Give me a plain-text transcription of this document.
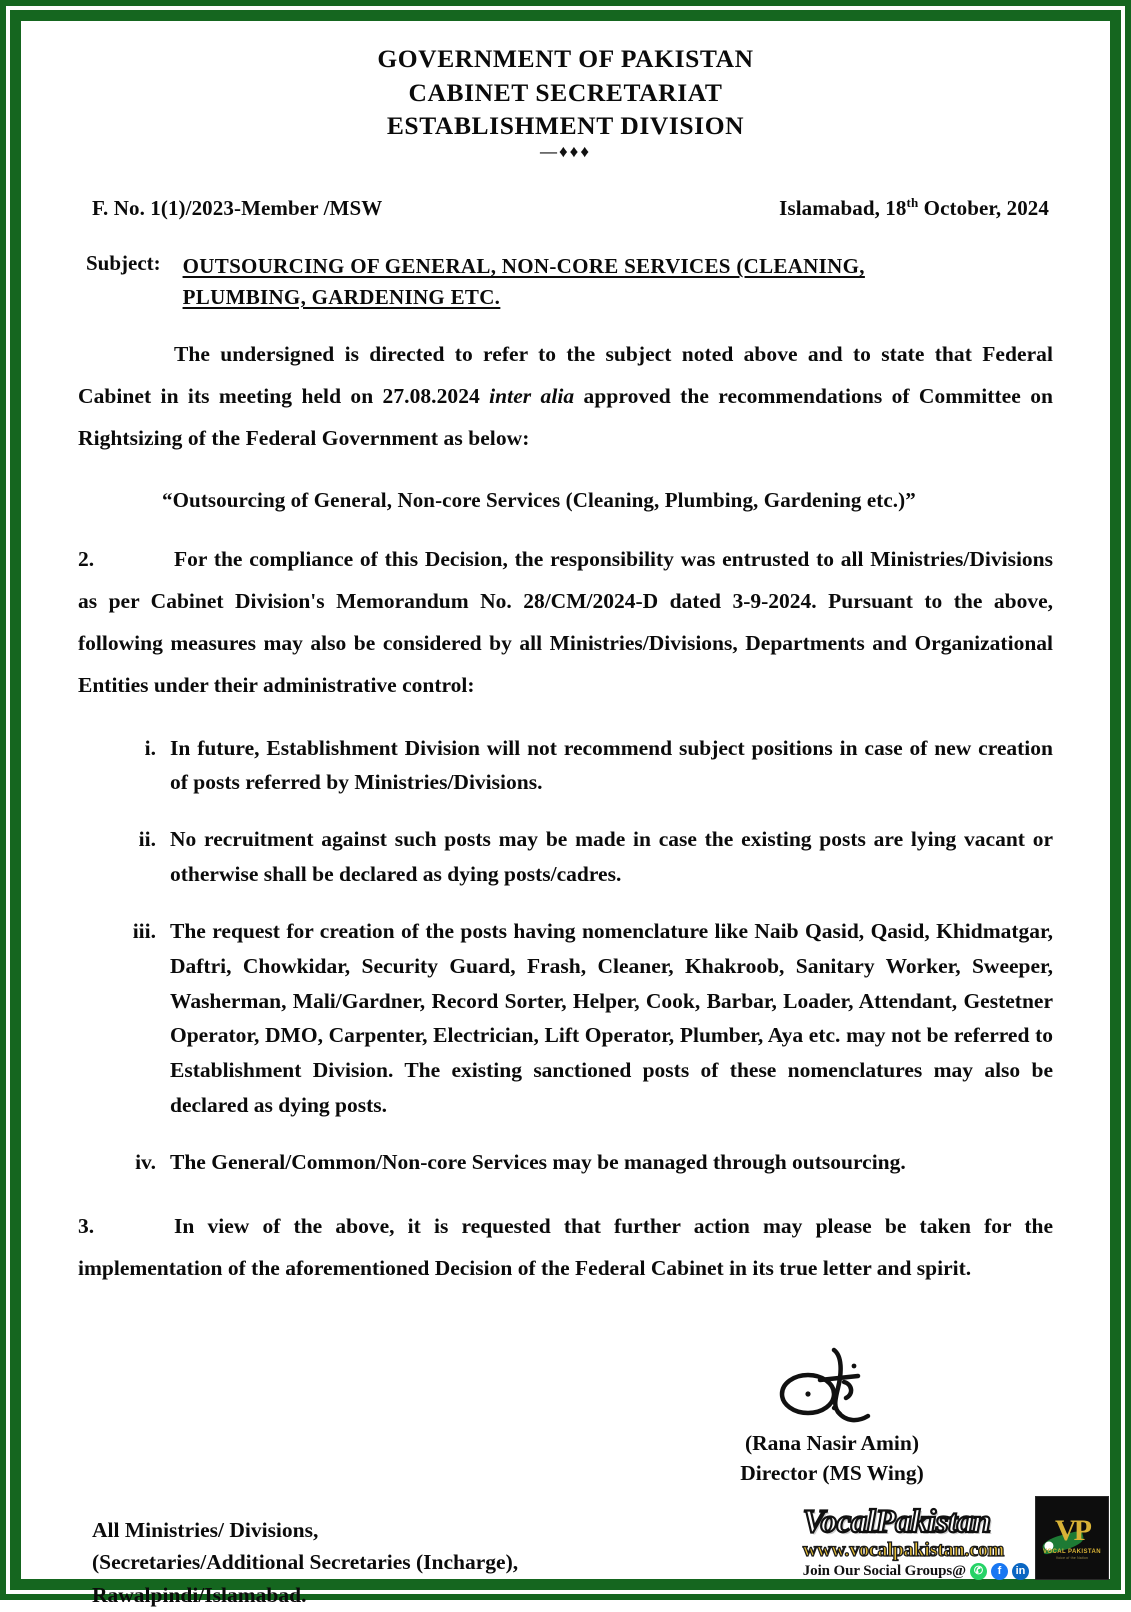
GOVERNMENT OF PAKISTAN
CABINET SECRETARIAT
ESTABLISHMENT DIVISION
—♦♦♦
F. No. 1(1)/2023-Member /MSW	Islamabad, 18th October, 2024
Subject:	OUTSOURCING OF GENERAL, NON-CORE SERVICES (CLEANING,
PLUMBING, GARDENING ETC.
The undersigned is directed to refer to the subject noted above and to state that Federal Cabinet in its meeting held on 27.08.2024 inter alia approved the recommendations of Committee on Rightsizing of the Federal Government as below:
“Outsourcing of General, Non-core Services (Cleaning, Plumbing, Gardening etc.)”
2.	For the compliance of this Decision, the responsibility was entrusted to all Ministries/Divisions as per Cabinet Division's Memorandum No. 28/CM/2024-D dated 3-9-2024. Pursuant to the above, following measures may also be considered by all Ministries/Divisions, Departments and Organizational Entities under their administrative control:
i. In future, Establishment Division will not recommend subject positions in case of new creation of posts referred by Ministries/Divisions.
ii. No recruitment against such posts may be made in case the existing posts are lying vacant or otherwise shall be declared as dying posts/cadres.
iii. The request for creation of the posts having nomenclature like Naib Qasid, Qasid, Khidmatgar, Daftri, Chowkidar, Security Guard, Frash, Cleaner, Khakroob, Sanitary Worker, Sweeper, Washerman, Mali/Gardner, Record Sorter, Helper, Cook, Barbar, Loader, Attendant, Gestetner Operator, DMO, Carpenter, Electrician, Lift Operator, Plumber, Aya etc. may not be referred to Establishment Division. The existing sanctioned posts of these nomenclatures may also be declared as dying posts.
iv. The General/Common/Non-core Services may be managed through outsourcing.
3.	In view of the above, it is requested that further action may please be taken for the implementation of the aforementioned Decision of the Federal Cabinet in its true letter and spirit.
(Rana Nasir Amin)
Director (MS Wing)
All Ministries/ Divisions,
(Secretaries/Additional Secretaries (Incharge),
Rawalpindi/Islamabad.
VocalPakistan
www.vocalpakistan.com
Join Our Social Groups@ ✆	f	in
VP
VOCAL PAKISTAN
Voice of the Nation
